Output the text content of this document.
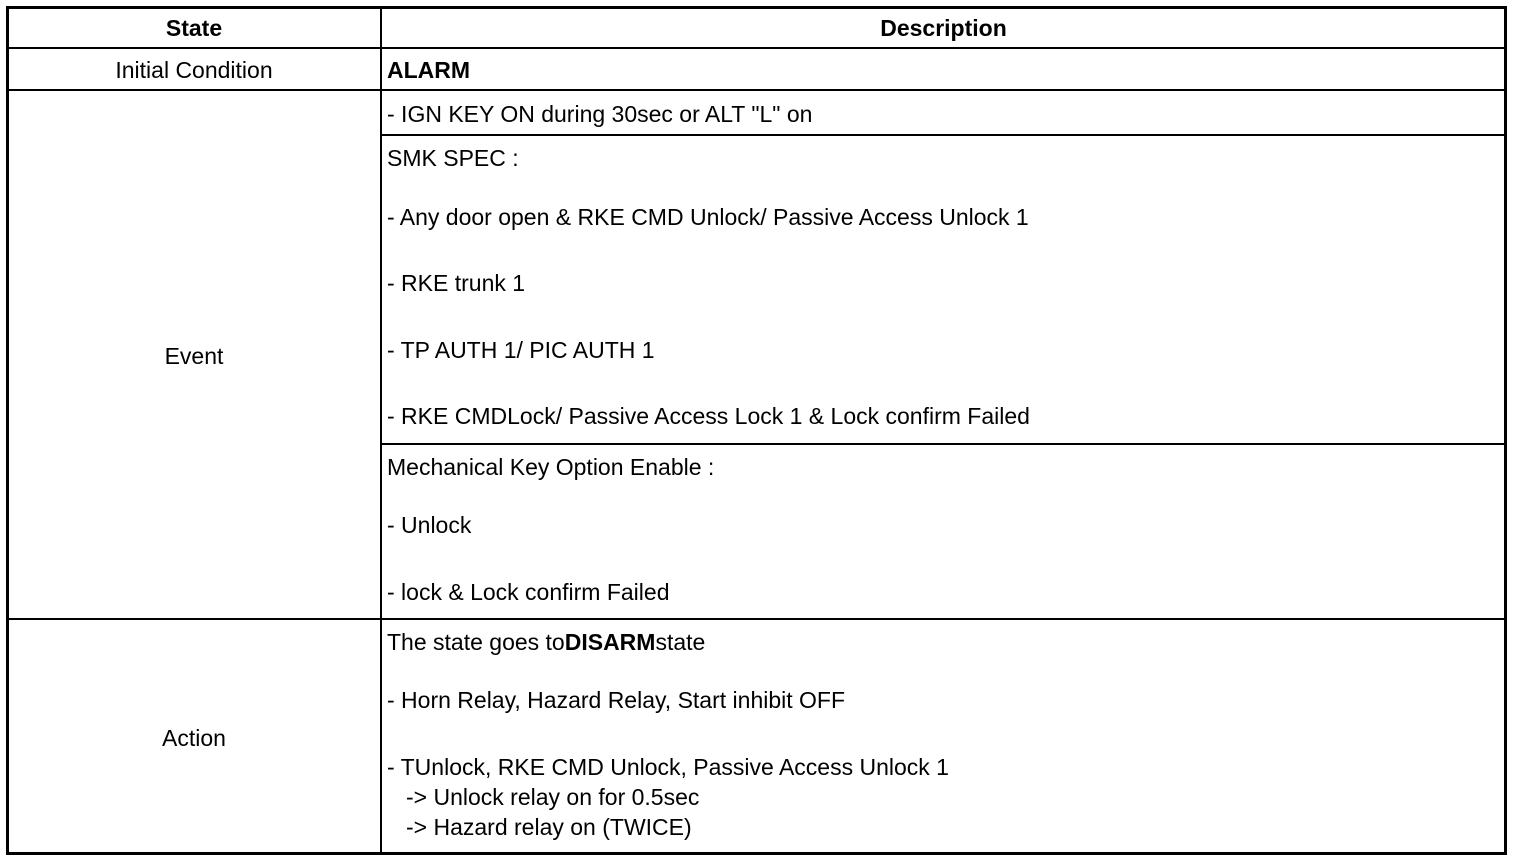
State	Description
Initial Condition	ALARM
Event
- IGN KEY ON during 30sec or ALT "L" on
SMK SPEC :
- Any door open & RKE CMD Unlock/ Passive Access Unlock 1
- RKE trunk 1
- TP AUTH 1/ PIC AUTH 1
- RKE CMDLock/ Passive Access Lock 1 & Lock confirm Failed
Mechanical Key Option Enable :
- Unlock
- lock & Lock confirm Failed
Action
The state goes toDISARMstate
- Horn Relay, Hazard Relay, Start inhibit OFF
- TUnlock, RKE CMD Unlock, Passive Access Unlock 1
-> Unlock relay on for 0.5sec
-> Hazard relay on (TWICE)
